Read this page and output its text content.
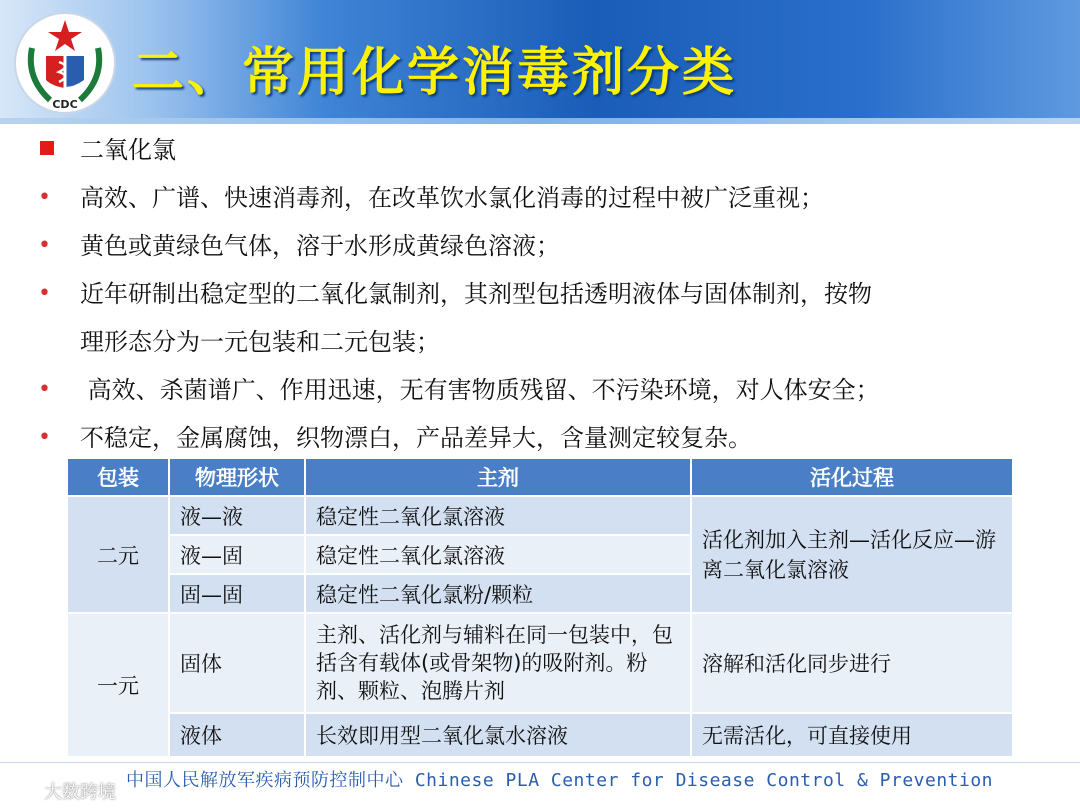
CDC
二、常用化学消毒剂分类
二氧化氯
• 高效、广谱、快速消毒剂，在改革饮水氯化消毒的过程中被广泛重视；
• 黄色或黄绿色气体，溶于水形成黄绿色溶液；
• 近年研制出稳定型的二氧化氯制剂，其剂型包括透明液体与固体制剂，按物
理形态分为一元包装和二元包装；
• 高效、杀菌谱广、作用迅速，无有害物质残留、不污染环境，对人体安全；
• 不稳定，金属腐蚀，织物漂白，产品差异大，含量测定较复杂。
包装	物理形状	主剂	活化过程
二元	液—液	稳定性二氧化氯溶液	活化剂加入主剂—活化反应—游离二氧化氯溶液
	液—固	稳定性二氧化氯溶液	
	固—固	稳定性二氧化氯粉/颗粒	
一元	固体	主剂、活化剂与辅料在同一包装中，包括含有载体(或骨架物)的吸附剂。粉剂、颗粒、泡腾片剂	溶解和活化同步进行
	液体	长效即用型二氧化氯水溶液	无需活化，可直接使用
中国人民解放军疾病预防控制中心 Chinese PLA Center for Disease Control & Prevention
大数跨境
